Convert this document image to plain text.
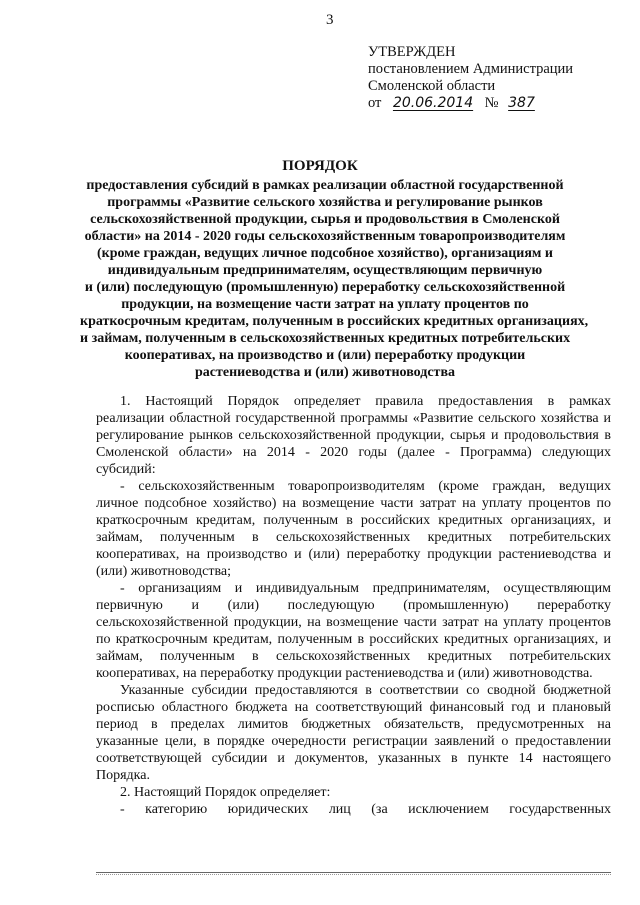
3
УТВЕРЖДЕН
постановлением Администрации
Смоленской области
от 20.06.2014 № 387
ПОРЯДОК
предоставления субсидий в рамках реализации областной государственной
программы «Развитие сельского хозяйства и регулирование рынков
сельскохозяйственной продукции, сырья и продовольствия в Смоленской
области» на 2014 - 2020 годы сельскохозяйственным товаропроизводителям
(кроме граждан, ведущих личное подсобное хозяйство), организациям и
индивидуальным предпринимателям, осуществляющим первичную
и (или) последующую (промышленную) переработку сельскохозяйственной
продукции, на возмещение части затрат на уплату процентов по
краткосрочным кредитам, полученным в российских кредитных организациях,
и займам, полученным в сельскохозяйственных кредитных потребительских
кооперативах, на производство и (или) переработку продукции
растениеводства и (или) животноводства
1. Настоящий Порядок определяет правила предоставления в рамках
реализации областной государственной программы «Развитие сельского хозяйства и
регулирование рынков сельскохозяйственной продукции, сырья и продовольствия в
Смоленской области» на 2014 - 2020 годы (далее - Программа) следующих
субсидий:
- сельскохозяйственным товаропроизводителям (кроме граждан, ведущих
личное подсобное хозяйство) на возмещение части затрат на уплату процентов по
краткосрочным кредитам, полученным в российских кредитных организациях, и
займам, полученным в сельскохозяйственных кредитных потребительских
кооперативах, на производство и (или) переработку продукции растениеводства и
(или) животноводства;
- организациям и индивидуальным предпринимателям, осуществляющим
первичную и (или) последующую (промышленную) переработку
сельскохозяйственной продукции, на возмещение части затрат на уплату процентов
по краткосрочным кредитам, полученным в российских кредитных организациях, и
займам, полученным в сельскохозяйственных кредитных потребительских
кооперативах, на переработку продукции растениеводства и (или) животноводства.
Указанные субсидии предоставляются в соответствии со сводной бюджетной
росписью областного бюджета на соответствующий финансовый год и плановый
период в пределах лимитов бюджетных обязательств, предусмотренных на
указанные цели, в порядке очередности регистрации заявлений о предоставлении
соответствующей субсидии и документов, указанных в пункте 14 настоящего
Порядка.
2. Настоящий Порядок определяет:
- категорию юридических лиц (за исключением государственных
